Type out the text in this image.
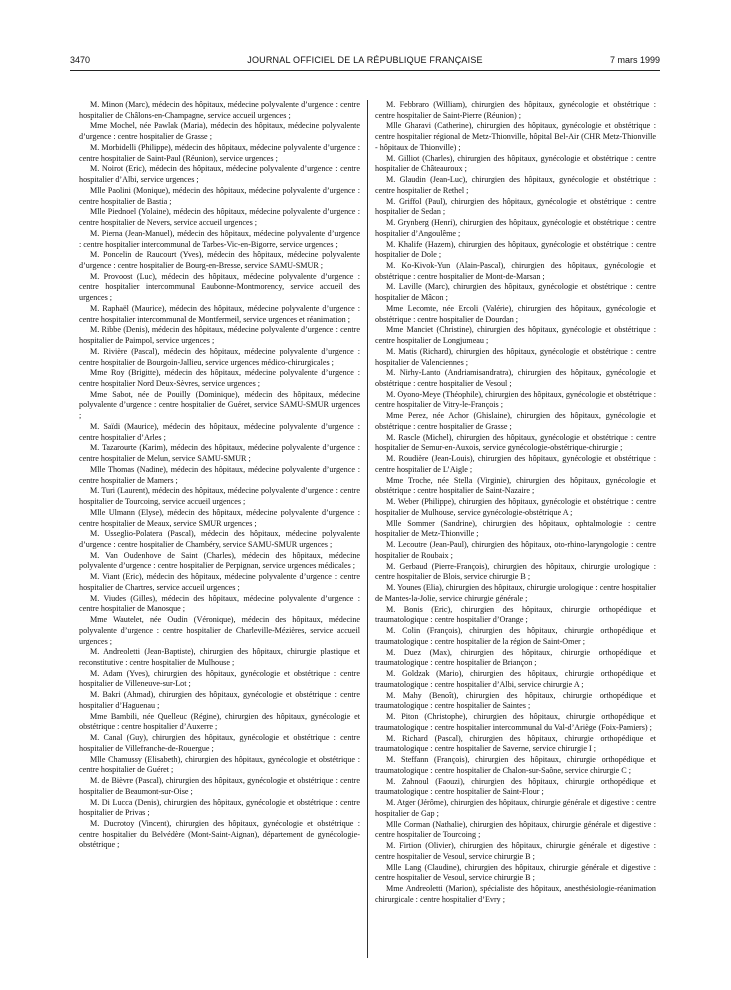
3470	JOURNAL OFFICIEL DE LA RÉPUBLIQUE FRANÇAISE	7 mars 1999

M. Minon (Marc), médecin des hôpitaux, médecine polyvalente d’urgence : centre hospitalier de Châlons-en-Champagne, service accueil urgences ;

Mme Mochel, née Pawlak (Maria), médecin des hôpitaux, médecine polyvalente d’urgence : centre hospitalier de Grasse ;

M. Morbidelli (Philippe), médecin des hôpitaux, médecine polyvalente d’urgence : centre hospitalier de Saint-Paul (Réunion), service urgences ;

M. Noirot (Eric), médecin des hôpitaux, médecine polyvalente d’urgence : centre hospitalier d’Albi, service urgences ;

Mlle Paolini (Monique), médecin des hôpitaux, médecine polyvalente d’urgence : centre hospitalier de Bastia ;

Mlle Piednoel (Yolaine), médecin des hôpitaux, médecine polyvalente d’urgence : centre hospitalier de Nevers, service accueil urgences ;

M. Pierna (Jean-Manuel), médecin des hôpitaux, médecine polyvalente d’urgence : centre hospitalier intercommunal de Tarbes-Vic-en-Bigorre, service urgences ;

M. Poncelin de Raucourt (Yves), médecin des hôpitaux, médecine polyvalente d’urgence : centre hospitalier de Bourg-en-Bresse, service SAMU-SMUR ;

M. Provoost (Luc), médecin des hôpitaux, médecine polyvalente d’urgence : centre hospitalier intercommunal Eaubonne-Montmorency, service accueil des urgences ;

M. Raphaël (Maurice), médecin des hôpitaux, médecine polyvalente d’urgence : centre hospitalier intercommunal de Montfermeil, service urgences et réanimation ;

M. Ribbe (Denis), médecin des hôpitaux, médecine polyvalente d’urgence : centre hospitalier de Paimpol, service urgences ;

M. Rivière (Pascal), médecin des hôpitaux, médecine polyvalente d’urgence : centre hospitalier de Bourgoin-Jallieu, service urgences médico-chirurgicales ;

Mme Roy (Brigitte), médecin des hôpitaux, médecine polyvalente d’urgence : centre hospitalier Nord Deux-Sèvres, service urgences ;

Mme Sabot, née de Pouilly (Dominique), médecin des hôpitaux, médecine polyvalente d’urgence : centre hospitalier de Guéret, service SAMU-SMUR urgences ;

M. Saïdi (Maurice), médecin des hôpitaux, médecine polyvalente d’urgence : centre hospitalier d’Arles ;

M. Tazarourte (Karim), médecin des hôpitaux, médecine polyvalente d’urgence : centre hospitalier de Melun, service SAMU-SMUR ;

Mlle Thomas (Nadine), médecin des hôpitaux, médecine polyvalente d’urgence : centre hospitalier de Mamers ;

M. Turi (Laurent), médecin des hôpitaux, médecine polyvalente d’urgence : centre hospitalier de Tourcoing, service accueil urgences ;

Mlle Ulmann (Elyse), médecin des hôpitaux, médecine polyvalente d’urgence : centre hospitalier de Meaux, service SMUR urgences ;

M. Usseglio-Polatera (Pascal), médecin des hôpitaux, médecine polyvalente d’urgence : centre hospitalier de Chambéry, service SAMU-SMUR urgences ;

M. Van Oudenhove de Saint (Charles), médecin des hôpitaux, médecine polyvalente d’urgence : centre hospitalier de Perpignan, service urgences médicales ;

M. Viant (Eric), médecin des hôpitaux, médecine polyvalente d’urgence : centre hospitalier de Chartres, service accueil urgences ;

M. Viudes (Gilles), médecin des hôpitaux, médecine polyvalente d’urgence : centre hospitalier de Manosque ;

Mme Wautelet, née Oudin (Véronique), médecin des hôpitaux, médecine polyvalente d’urgence : centre hospitalier de Charleville-Mézières, service accueil urgences ;

M. Andreoletti (Jean-Baptiste), chirurgien des hôpitaux, chirurgie plastique et reconstitutive : centre hospitalier de Mulhouse ;

M. Adam (Yves), chirurgien des hôpitaux, gynécologie et obstétrique : centre hospitalier de Villeneuve-sur-Lot ;

M. Bakri (Ahmad), chirurgien des hôpitaux, gynécologie et obstétrique : centre hospitalier d’Haguenau ;

Mme Bambili, née Quelleuc (Régine), chirurgien des hôpitaux, gynécologie et obstétrique : centre hospitalier d’Auxerre ;

M. Canal (Guy), chirurgien des hôpitaux, gynécologie et obstétrique : centre hospitalier de Villefranche-de-Rouergue ;

Mlle Chamussy (Elisabeth), chirurgien des hôpitaux, gynécologie et obstétrique : centre hospitalier de Guéret ;

M. de Bièvre (Pascal), chirurgien des hôpitaux, gynécologie et obstétrique : centre hospitalier de Beaumont-sur-Oise ;

M. Di Lucca (Denis), chirurgien des hôpitaux, gynécologie et obstétrique : centre hospitalier de Privas ;

M. Ducrotoy (Vincent), chirurgien des hôpitaux, gynécologie et obstétrique : centre hospitalier du Belvédère (Mont-Saint-Aignan), département de gynécologie-obstétrique ;

M. Febbraro (William), chirurgien des hôpitaux, gynécologie et obstétrique : centre hospitalier de Saint-Pierre (Réunion) ;

Mlle Gharavi (Catherine), chirurgien des hôpitaux, gynécologie et obstétrique : centre hospitalier régional de Metz-Thionville, hôpital Bel-Air (CHR Metz-Thionville - hôpitaux de Thionville) ;

M. Gilliot (Charles), chirurgien des hôpitaux, gynécologie et obstétrique : centre hospitalier de Châteauroux ;

M. Glaudin (Jean-Luc), chirurgien des hôpitaux, gynécologie et obstétrique : centre hospitalier de Rethel ;

M. Griffol (Paul), chirurgien des hôpitaux, gynécologie et obstétrique : centre hospitalier de Sedan ;

M. Grynberg (Henri), chirurgien des hôpitaux, gynécologie et obstétrique : centre hospitalier d’Angoulême ;

M. Khalife (Hazem), chirurgien des hôpitaux, gynécologie et obstétrique : centre hospitalier de Dole ;

M. Ko-Kivok-Yun (Alain-Pascal), chirurgien des hôpitaux, gynécologie et obstétrique : centre hospitalier de Mont-de-Marsan ;

M. Laville (Marc), chirurgien des hôpitaux, gynécologie et obstétrique : centre hospitalier de Mâcon ;

Mme Lecomte, née Ercoli (Valérie), chirurgien des hôpitaux, gynécologie et obstétrique : centre hospitalier de Dourdan ;

Mme Manciet (Christine), chirurgien des hôpitaux, gynécologie et obstétrique : centre hospitalier de Longjumeau ;

M. Matis (Richard), chirurgien des hôpitaux, gynécologie et obstétrique : centre hospitalier de Valenciennes ;

M. Nirhy-Lanto (Andriamisandratra), chirurgien des hôpitaux, gynécologie et obstétrique : centre hospitalier de Vesoul ;

M. Oyono-Meye (Théophile), chirurgien des hôpitaux, gynécologie et obstétrique : centre hospitalier de Vitry-le-François ;

Mme Perez, née Achor (Ghislaine), chirurgien des hôpitaux, gynécologie et obstétrique : centre hospitalier de Grasse ;

M. Rascle (Michel), chirurgien des hôpitaux, gynécologie et obstétrique : centre hospitalier de Semur-en-Auxois, service gynécologie-obstétrique-chirurgie ;

M. Roudière (Jean-Louis), chirurgien des hôpitaux, gynécologie et obstétrique : centre hospitalier de L’Aigle ;

Mme Troche, née Stella (Virginie), chirurgien des hôpitaux, gynécologie et obstétrique : centre hospitalier de Saint-Nazaire ;

M. Weber (Philippe), chirurgien des hôpitaux, gynécologie et obstétrique : centre hospitalier de Mulhouse, service gynécologie-obstétrique A ;

Mlle Sommer (Sandrine), chirurgien des hôpitaux, ophtalmologie : centre hospitalier de Metz-Thionville ;

M. Lecoutre (Jean-Paul), chirurgien des hôpitaux, oto-rhino-laryngologie : centre hospitalier de Roubaix ;

M. Gerbaud (Pierre-François), chirurgien des hôpitaux, chirurgie urologique : centre hospitalier de Blois, service chirurgie B ;

M. Younes (Elia), chirurgien des hôpitaux, chirurgie urologique : centre hospitalier de Mantes-la-Jolie, service chirurgie générale ;

M. Bonis (Eric), chirurgien des hôpitaux, chirurgie orthopédique et traumatologique : centre hospitalier d’Orange ;

M. Colin (François), chirurgien des hôpitaux, chirurgie orthopédique et traumatologique : centre hospitalier de la région de Saint-Omer ;

M. Duez (Max), chirurgien des hôpitaux, chirurgie orthopédique et traumatologique : centre hospitalier de Briançon ;

M. Goldzak (Mario), chirurgien des hôpitaux, chirurgie orthopédique et traumatologique : centre hospitalier d’Albi, service chirurgie A ;

M. Mahy (Benoît), chirurgien des hôpitaux, chirurgie orthopédique et traumatologique : centre hospitalier de Saintes ;

M. Piton (Christophe), chirurgien des hôpitaux, chirurgie orthopédique et traumatologique : centre hospitalier intercommunal du Val-d’Ariège (Foix-Pamiers) ;

M. Richard (Pascal), chirurgien des hôpitaux, chirurgie orthopédique et traumatologique : centre hospitalier de Saverne, service chirurgie I ;

M. Steffann (François), chirurgien des hôpitaux, chirurgie orthopédique et traumatologique : centre hospitalier de Chalon-sur-Saône, service chirurgie C ;

M. Zahnoul (Faouzi), chirurgien des hôpitaux, chirurgie orthopédique et traumatologique : centre hospitalier de Saint-Flour ;

M. Atger (Jérôme), chirurgien des hôpitaux, chirurgie générale et digestive : centre hospitalier de Gap ;

Mlle Corman (Nathalie), chirurgien des hôpitaux, chirurgie générale et digestive : centre hospitalier de Tourcoing ;

M. Firtion (Olivier), chirurgien des hôpitaux, chirurgie générale et digestive : centre hospitalier de Vesoul, service chirurgie B ;

Mlle Lang (Claudine), chirurgien des hôpitaux, chirurgie générale et digestive : centre hospitalier de Vesoul, service chirurgie B ;

Mme Andreoletti (Marion), spécialiste des hôpitaux, anesthésiologie-réanimation chirurgicale : centre hospitalier d’Evry ;
